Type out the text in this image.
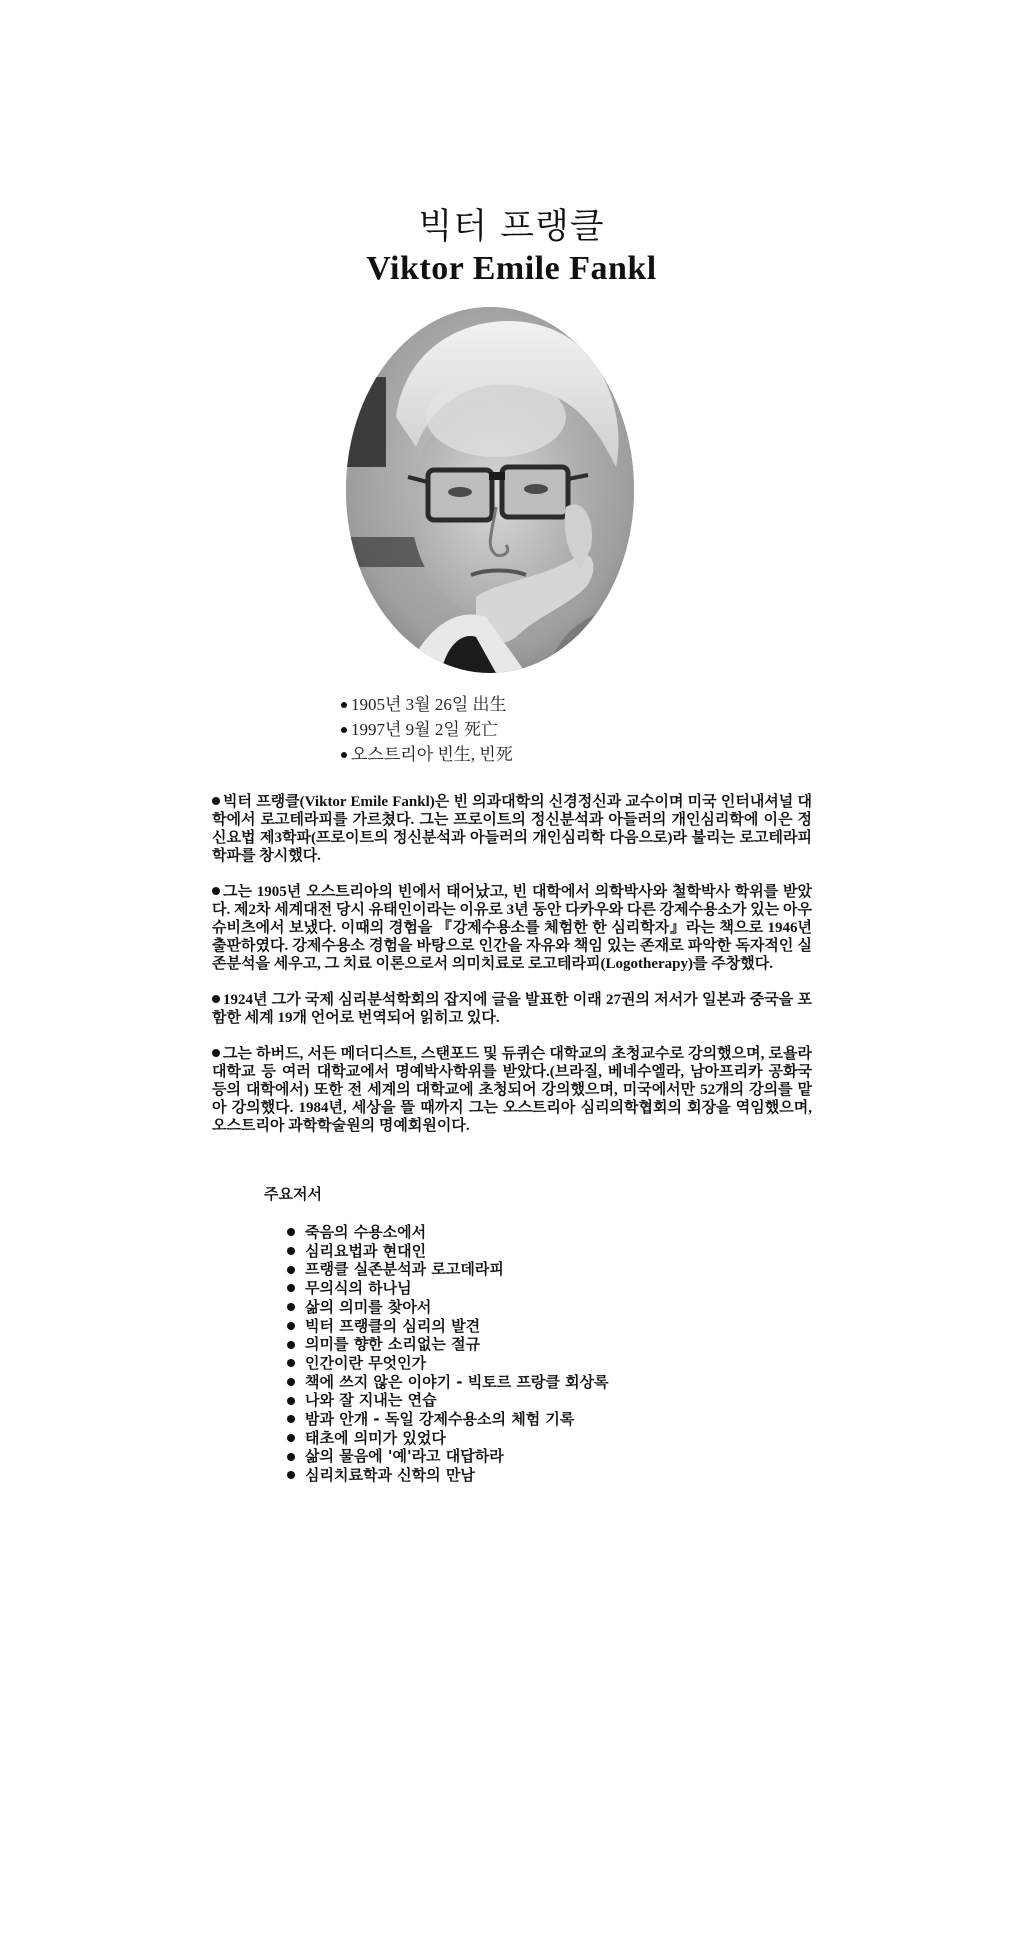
빅터 프랭클
Viktor Emile Fankl
1905년 3월 26일 出生
1997년 9월 2일 死亡
오스트리아 빈生, 빈死

빅터 프랭클(Viktor Emile Fankl)은 빈 의과대학의 신경정신과 교수이며 미국 인터내셔널 대학에서 로고테라피를 가르쳤다. 그는 프로이트의 정신분석과 아들러의 개인심리학에 이은 정신요법 제3학파(프로이트의 정신분석과 아들러의 개인심리학 다음으로)라 불리는 로고테라피 학파를 창시했다.

그는 1905년 오스트리아의 빈에서 태어났고, 빈 대학에서 의학박사와 철학박사 학위를 받았다. 제2차 세계대전 당시 유태인이라는 이유로 3년 동안 다카우와 다른 강제수용소가 있는 아우슈비츠에서 보냈다. 이때의 경험을 『강제수용소를 체험한 한 심리학자』라는 책으로 1946년 출판하였다. 강제수용소 경험을 바탕으로 인간을 자유와 책임 있는 존재로 파악한 독자적인 실존분석을 세우고, 그 치료 이론으로서 의미치료로 로고테라피(Logotherapy)를 주창했다.

1924년 그가 국제 심리분석학회의 잡지에 글을 발표한 이래 27권의 저서가 일본과 중국을 포함한 세계 19개 언어로 번역되어 읽히고 있다.

그는 하버드, 서든 메더디스트, 스탠포드 및 듀퀴슨 대학교의 초청교수로 강의했으며, 로욜라 대학교 등 여러 대학교에서 명예박사학위를 받았다.(브라질, 베네수엘라, 남아프리카 공화국 등의 대학에서) 또한 전 세계의 대학교에 초청되어 강의했으며, 미국에서만 52개의 강의를 맡아 강의했다. 1984년, 세상을 뜰 때까지 그는 오스트리아 심리의학협회의 회장을 역임했으며, 오스트리아 과학학술원의 명예회원이다.

주요저서
죽음의 수용소에서
심리요법과 현대인
프랭클 실존분석과 로고데라피
무의식의 하나님
삶의 의미를 찾아서
빅터 프랭클의 심리의 발견
의미를 향한 소리없는 절규
인간이란 무엇인가
책에 쓰지 않은 이야기 - 빅토르 프랑클 회상록
나와 잘 지내는 연습
밤과 안개 - 독일 강제수용소의 체험 기록
태초에 의미가 있었다
삶의 물음에 '예'라고 대답하라
심리치료학과 신학의 만남
